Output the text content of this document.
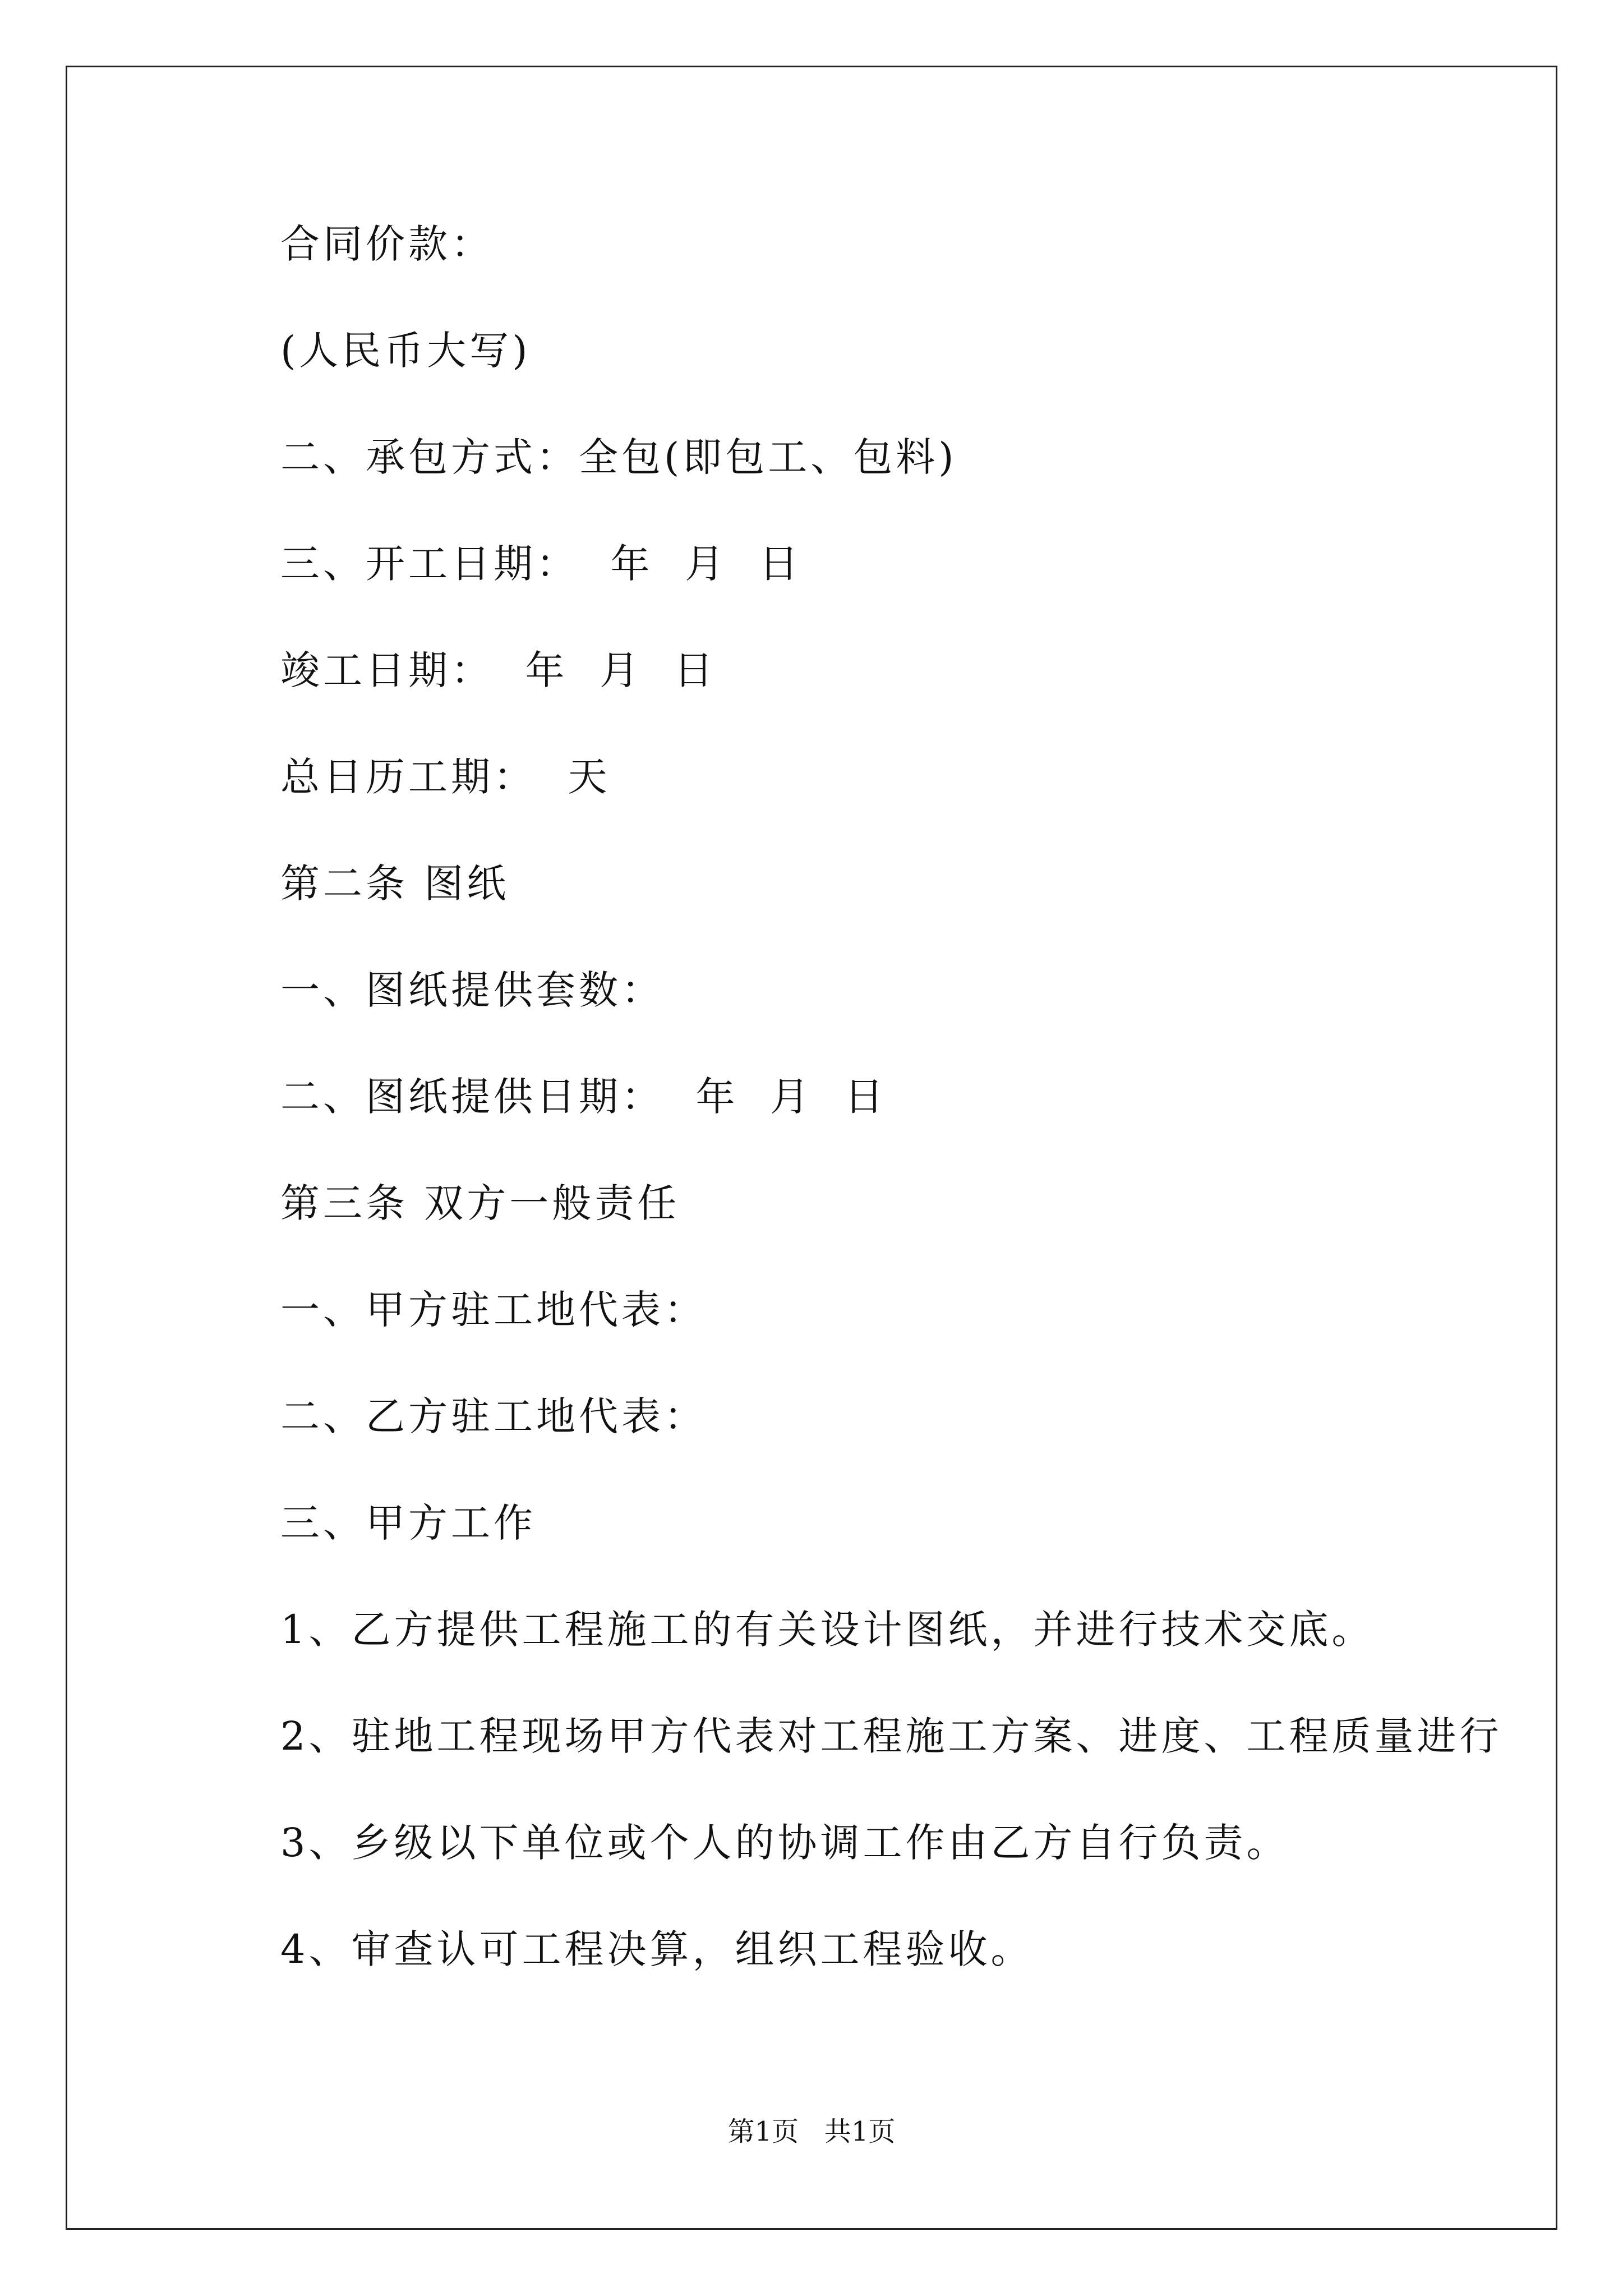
合同价款：
(人民币大写)
二、承包方式：全包(即包工、包料)
三、开工日期：  年  月  日
竣工日期：  年  月  日
总日历工期：  天
第二条 图纸
一、图纸提供套数：
二、图纸提供日期：  年  月  日
第三条 双方一般责任
一、甲方驻工地代表：
二、乙方驻工地代表：
三、甲方工作
1、乙方提供工程施工的有关设计图纸，并进行技术交底。
2、驻地工程现场甲方代表对工程施工方案、进度、工程质量进行
3、乡级以下单位或个人的协调工作由乙方自行负责。
4、审查认可工程决算，组织工程验收。
第1页   共1页
